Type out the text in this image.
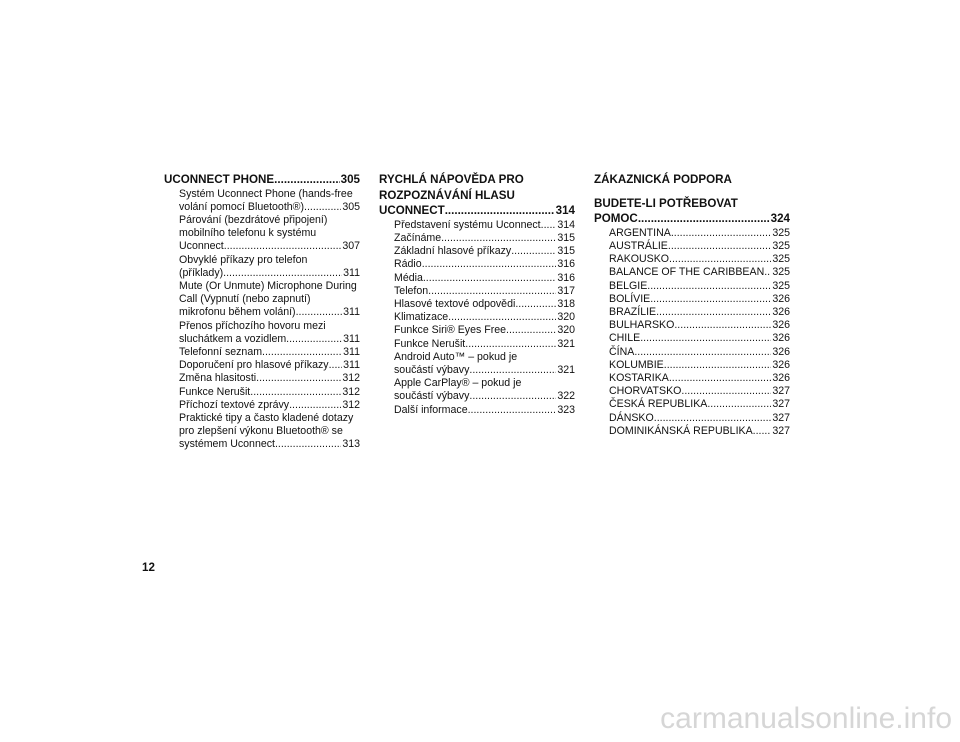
UCONNECT PHONE .....	305
Systém Uconnect Phone (hands-free
volání pomocí Bluetooth®) .....	305
Párování (bezdrátové připojení)
mobilního telefonu k systému
Uconnect .....	307
Obvyklé příkazy pro telefon
(příklady) .....	311
Mute (Or Unmute) Microphone During
Call (Vypnutí (nebo zapnutí)
mikrofonu během volání) .....	311
Přenos příchozího hovoru mezi
sluchátkem a vozidlem .....	311
Telefonní seznam .....	311
Doporučení pro hlasové příkazy ..... 311
Změna hlasitosti .....	312
Funkce Nerušit .....	312
Příchozí textové zprávy .....	312
Praktické tipy a často kladené dotazy
pro zlepšení výkonu Bluetooth® se
systémem Uconnect .....	313
RYCHLÁ NÁPOVĚDA PRO
ROZPOZNÁVÁNÍ HLASU
UCONNECT .....	314
Představení systému Uconnect ..... 314
Začínáme .....	315
Základní hlasové příkazy .....	315
Rádio .....	316
Média .....	316
Telefon .....	317
Hlasové textové odpovědi .....	318
Klimatizace .....	320
Funkce Siri® Eyes Free .....	320
Funkce Nerušit .....	321
Android Auto™ – pokud je
součástí výbavy .....	321
Apple CarPlay® – pokud je
součástí výbavy .....	322
Další informace .....	323
ZÁKAZNICKÁ PODPORA
BUDETE-LI POTŘEBOVAT
POMOC .....	324
ARGENTINA .....	325
AUSTRÁLIE .....	325
RAKOUSKO .....	325
BALANCE OF THE CARIBBEAN ..... 325
BELGIE .....	325
BOLÍVIE .....	326
BRAZÍLIE .....	326
BULHARSKO .....	326
CHILE .....	326
ČÍNA .....	326
KOLUMBIE .....	326
KOSTARIKA .....	326
CHORVATSKO .....	327
ČESKÁ REPUBLIKA .....	327
DÁNSKO .....	327
DOMINIKÁNSKÁ REPUBLIKA ..... 327
12
carmanualsonline.info
